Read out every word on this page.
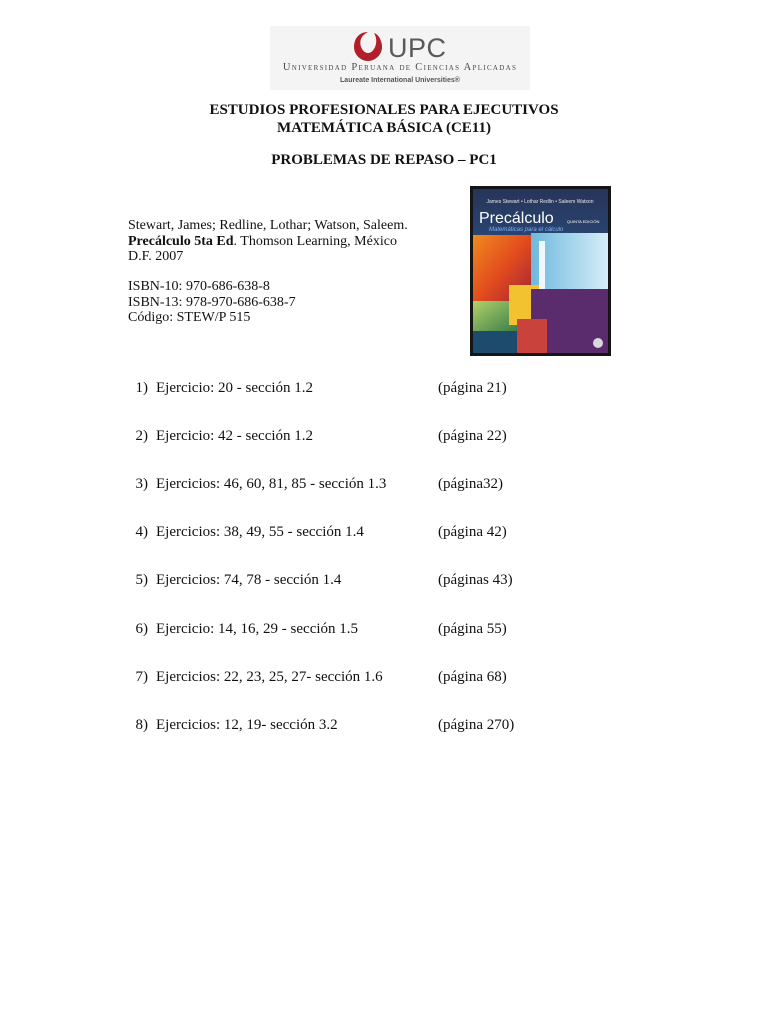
UPC
Universidad Peruana de Ciencias Aplicadas
Laureate International Universities®
ESTUDIOS PROFESIONALES PARA EJECUTIVOS
MATEMÁTICA BÁSICA (CE11)
PROBLEMAS DE REPASO – PC1
Stewart, James; Redline, Lothar; Watson, Saleem.
Precálculo 5ta Ed. Thomson Learning, México
D.F. 2007
ISBN-10: 970-686-638-8
ISBN-13: 978-970-686-638-7
Código: STEW/P 515
James Stewart • Lothar Redlin • Saleem Watson
Precálculo	QUINTA EDICIÓN
Matemáticas para el cálculo
1) Ejercicio: 20 - sección 1.2	(página 21)
2) Ejercicio: 42 - sección 1.2	(página 22)
3) Ejercicios: 46, 60, 81, 85 - sección 1.3	(página32)
4) Ejercicios: 38, 49, 55 - sección 1.4	(página 42)
5) Ejercicios: 74, 78 - sección 1.4	(páginas 43)
6) Ejercicio: 14, 16, 29 - sección 1.5	(página 55)
7) Ejercicios: 22, 23, 25, 27- sección 1.6	(página 68)
8) Ejercicios: 12, 19- sección 3.2	(página 270)
